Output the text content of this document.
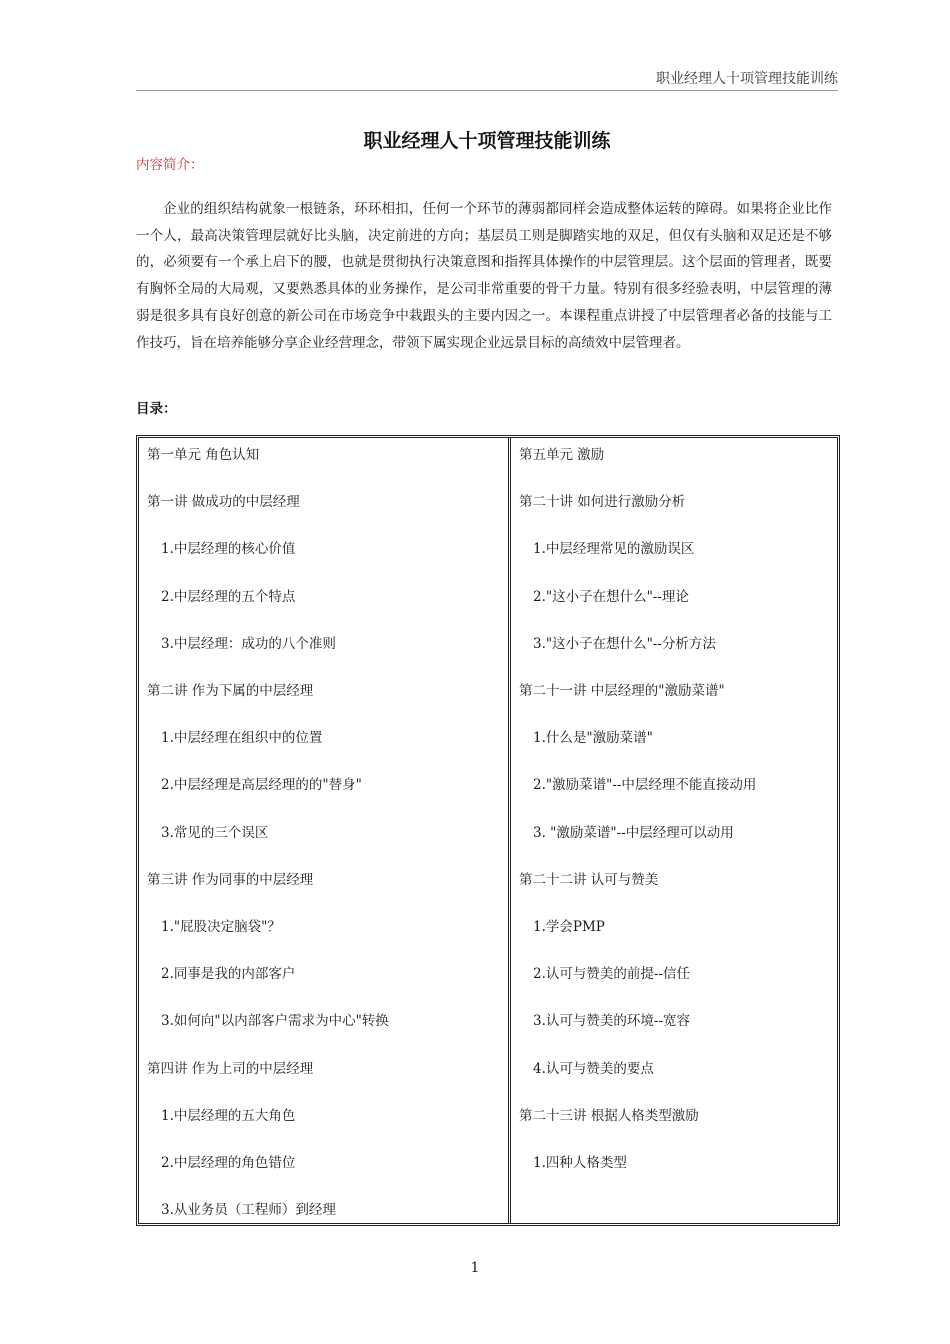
职业经理人十项管理技能训练
职业经理人十项管理技能训练
内容简介：
企业的组织结构就象一根链条，环环相扣，任何一个环节的薄弱都同样会造成整体运转的障碍。如果将企业比作一个人，最高决策管理层就好比头脑，决定前进的方向；基层员工则是脚踏实地的双足，但仅有头脑和双足还是不够的，必须要有一个承上启下的腰，也就是贯彻执行决策意图和指挥具体操作的中层管理层。这个层面的管理者，既要有胸怀全局的大局观，又要熟悉具体的业务操作，是公司非常重要的骨干力量。特别有很多经验表明，中层管理的薄弱是很多具有良好创意的新公司在市场竞争中栽跟头的主要内因之一。本课程重点讲授了中层管理者必备的技能与工作技巧，旨在培养能够分享企业经营理念，带领下属实现企业远景目标的高绩效中层管理者。
目录：
第一单元 角色认知
第一讲 做成功的中层经理
1.中层经理的核心价值
2.中层经理的五个特点
3.中层经理：成功的八个准则
第二讲 作为下属的中层经理
1.中层经理在组织中的位置
2.中层经理是高层经理的的"替身"
3.常见的三个误区
第三讲 作为同事的中层经理
1."屁股决定脑袋"？
2.同事是我的内部客户
3.如何向"以内部客户需求为中心"转换
第四讲 作为上司的中层经理
1.中层经理的五大角色
2.中层经理的角色错位
3.从业务员（工程师）到经理
第五单元 激励
第二十讲 如何进行激励分析
1.中层经理常见的激励误区
2."这小子在想什么"--理论
3."这小子在想什么"--分析方法
第二十一讲 中层经理的"激励菜谱"
1.什么是"激励菜谱"
2."激励菜谱"--中层经理不能直接动用
3. "激励菜谱"--中层经理可以动用
第二十二讲 认可与赞美
1.学会PMP
2.认可与赞美的前提--信任
3.认可与赞美的环境--宽容
4.认可与赞美的要点
第二十三讲 根据人格类型激励
1.四种人格类型
1
